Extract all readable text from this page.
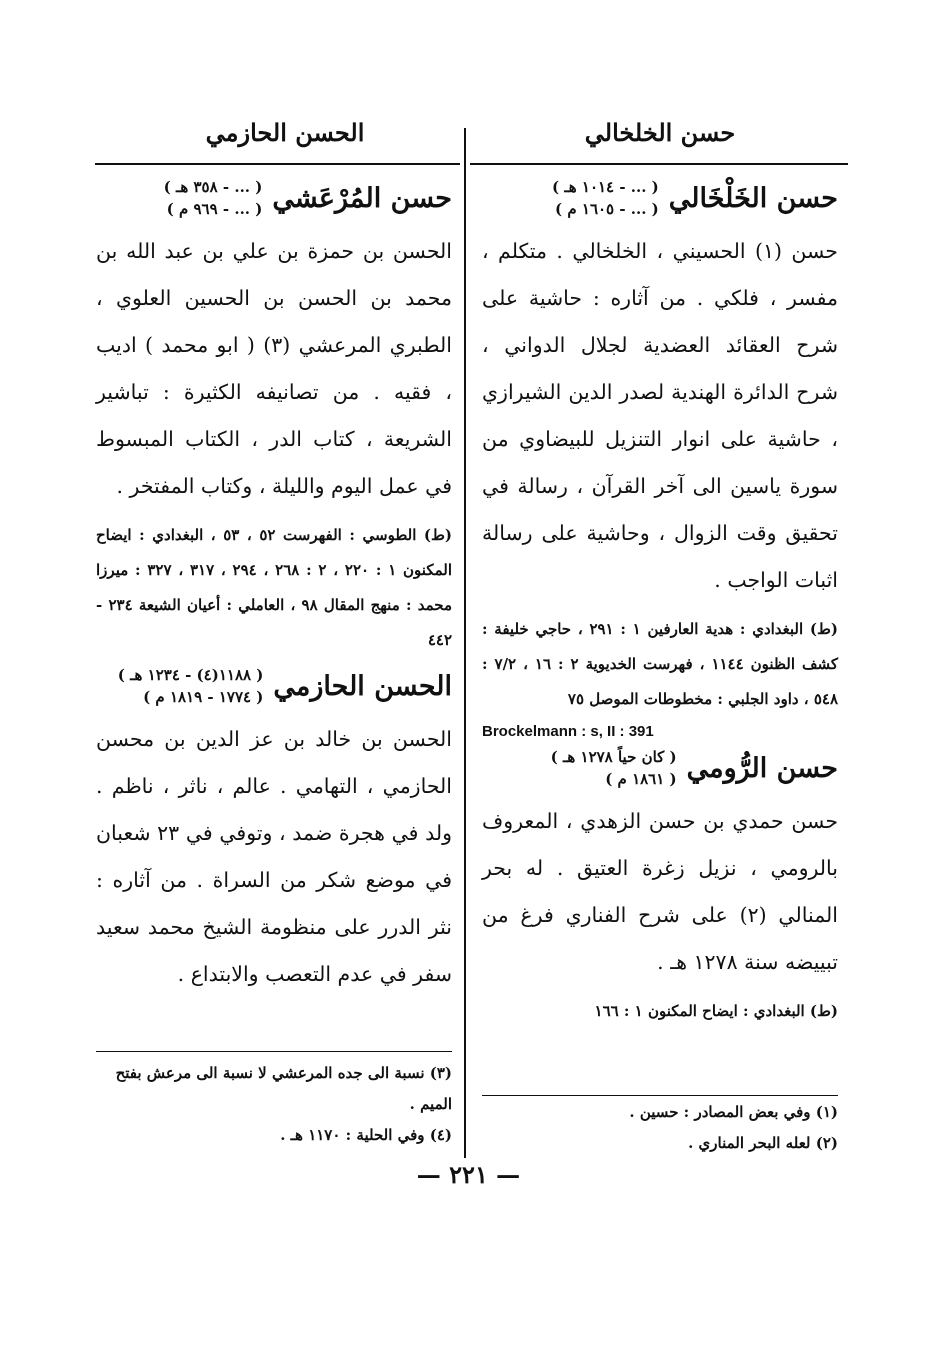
حسن الخلخالي
الحسن الحازمي
حسن الخَلْخَالي
( ... - ١٠١٤ هـ )
( ... - ١٦٠٥ م )

حسن (١) الحسيني ، الخلخالي . متكلم ، مفسر ، فلكي . من آثاره : حاشية على شرح العقائد العضدية لجلال الدواني ، شرح الدائرة الهندية لصدر الدين الشيرازي ، حاشية على انوار التنزيل للبيضاوي من سورة ياسين الى آخر القرآن ، رسالة في تحقيق وقت الزوال ، وحاشية على رسالة اثبات الواجب .

(ط) البغدادي : هدية العارفين ١ : ٢٩١ ، حاجي خليفة : كشف الظنون ١١٤٤ ، فهرست الخديوية ٢ : ١٦ ، ٧/٢ : ٥٤٨ ، داود الجلبي : مخطوطات الموصل ٧٥

Brockelmann : s, II : 391

حسن الرُّومي
( كان حياً ١٢٧٨ هـ )
( ١٨٦١ م )

حسن حمدي بن حسن الزهدي ، المعروف بالرومي ، نزيل زغرة العتيق . له بحر المنالي (٢) على شرح الفناري فرغ من تبييضه سنة ١٢٧٨ هـ .

(ط) البغدادي : ايضاح المكنون ١ : ١٦٦

(١) وفي بعض المصادر : حسين .
(٢) لعله البحر المناري .
حسن المُرْعَشي
( ... - ٣٥٨ هـ )
( ... - ٩٦٩ م )

الحسن بن حمزة بن علي بن عبد الله بن محمد بن الحسن بن الحسين العلوي ، الطبري المرعشي (٣) ( ابو محمد ) اديب ، فقيه . من تصانيفه الكثيرة : تباشير الشريعة ، كتاب الدر ، الكتاب المبسوط في عمل اليوم والليلة ، وكتاب المفتخر .

(ط) الطوسي : الفهرست ٥٢ ، ٥٣ ، البغدادي : ايضاح المكنون ١ : ٢٢٠ ، ٢ : ٢٦٨ ، ٢٩٤ ، ٣١٧ ، ٣٢٧ : ميرزا محمد : منهج المقال ٩٨ ، العاملي : أعيان الشيعة ٢٣٤ - ٤٤٢

الحسن الحازمي
( ١١٨٨(٤) - ١٢٣٤ هـ )
( ١٧٧٤ - ١٨١٩ م )

الحسن بن خالد بن عز الدين بن محسن الحازمي ، التهامي . عالم ، ناثر ، ناظم . ولد في هجرة ضمد ، وتوفي في ٢٣ شعبان في موضع شكر من السراة . من آثاره : نثر الدرر على منظومة الشيخ محمد سعيد سفر في عدم التعصب والابتداع .

(٣) نسبة الى جده المرعشي لا نسبة الى مرعش بفتح الميم .
(٤) وفي الحلية : ١١٧٠ هـ .
— ٢٢١ —
